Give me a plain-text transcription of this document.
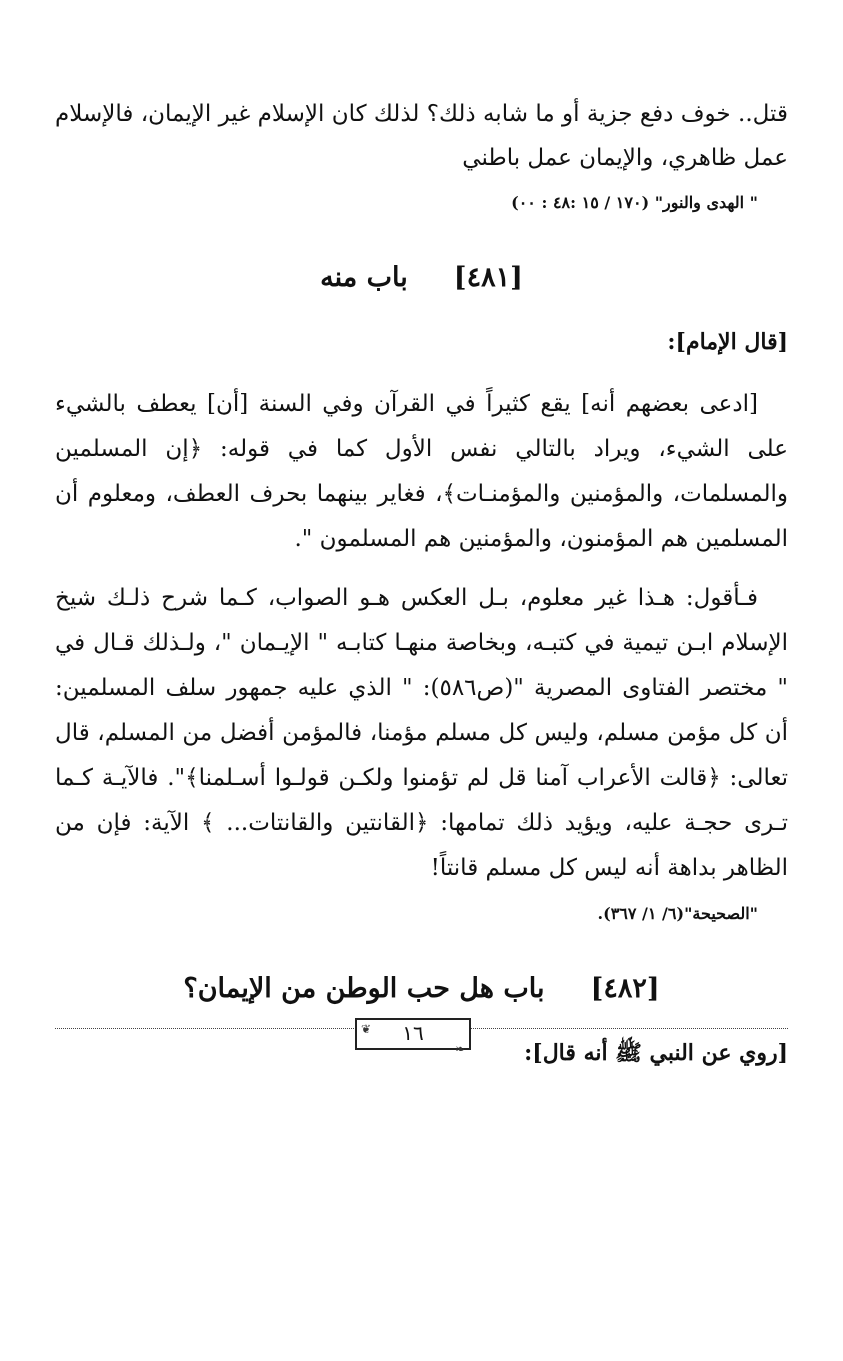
قتل.. خوف دفع جزية أو ما شابه ذلك؟ لذلك كان الإسلام غير الإيمان، فالإسلام عمل ظاهري، والإيمان عمل باطني

" الهدى والنور" (١٧٠ / ١٥ :٤٨ : ٠٠)
[٤٨١]باب منه
[قال الإمام]:

[ادعى بعضهم أنه] يقع كثيراً في القرآن وفي السنة [أن] يعطف بالشيء على الشيء، ويراد بالتالي نفس الأول كما في قوله: ﴿إن المسلمين والمسلمات، والمؤمنين والمؤمنـات﴾، فغاير بينهما بحرف العطف، ومعلوم أن المسلمين هم المؤمنون، والمؤمنين هم المسلمون ".

فـأقول: هـذا غير معلوم، بـل العكس هـو الصواب، كـما شرح ذلـك شيخ الإسلام ابـن تيمية في كتبـه، وبخاصة منهـا كتابـه " الإيـمان "، ولـذلك قـال في " مختصر الفتاوى المصرية "(ص٥٨٦): " الذي عليه جمهور سلف المسلمين: أن كل مؤمن مسلم، وليس كل مسلم مؤمنا، فالمؤمن أفضل من المسلم، قال تعالى: ﴿قالت الأعراب آمنا قل لم تؤمنوا ولكـن قولـوا أسـلمنا﴾". فالآيـة كـما تـرى حجـة عليه، ويؤيد ذلك تمامها: ﴿القانتين والقانتات... ﴾ الآية: فإن من الظاهر بداهة أنه ليس كل مسلم قانتاً!

"الصحيحة"(٦/ ١/ ٣٦٧).
[٤٨٢]باب هل حب الوطن من الإيمان؟
[روي عن النبي ﷺ أنه قال]:
❦ ١٦
❧
